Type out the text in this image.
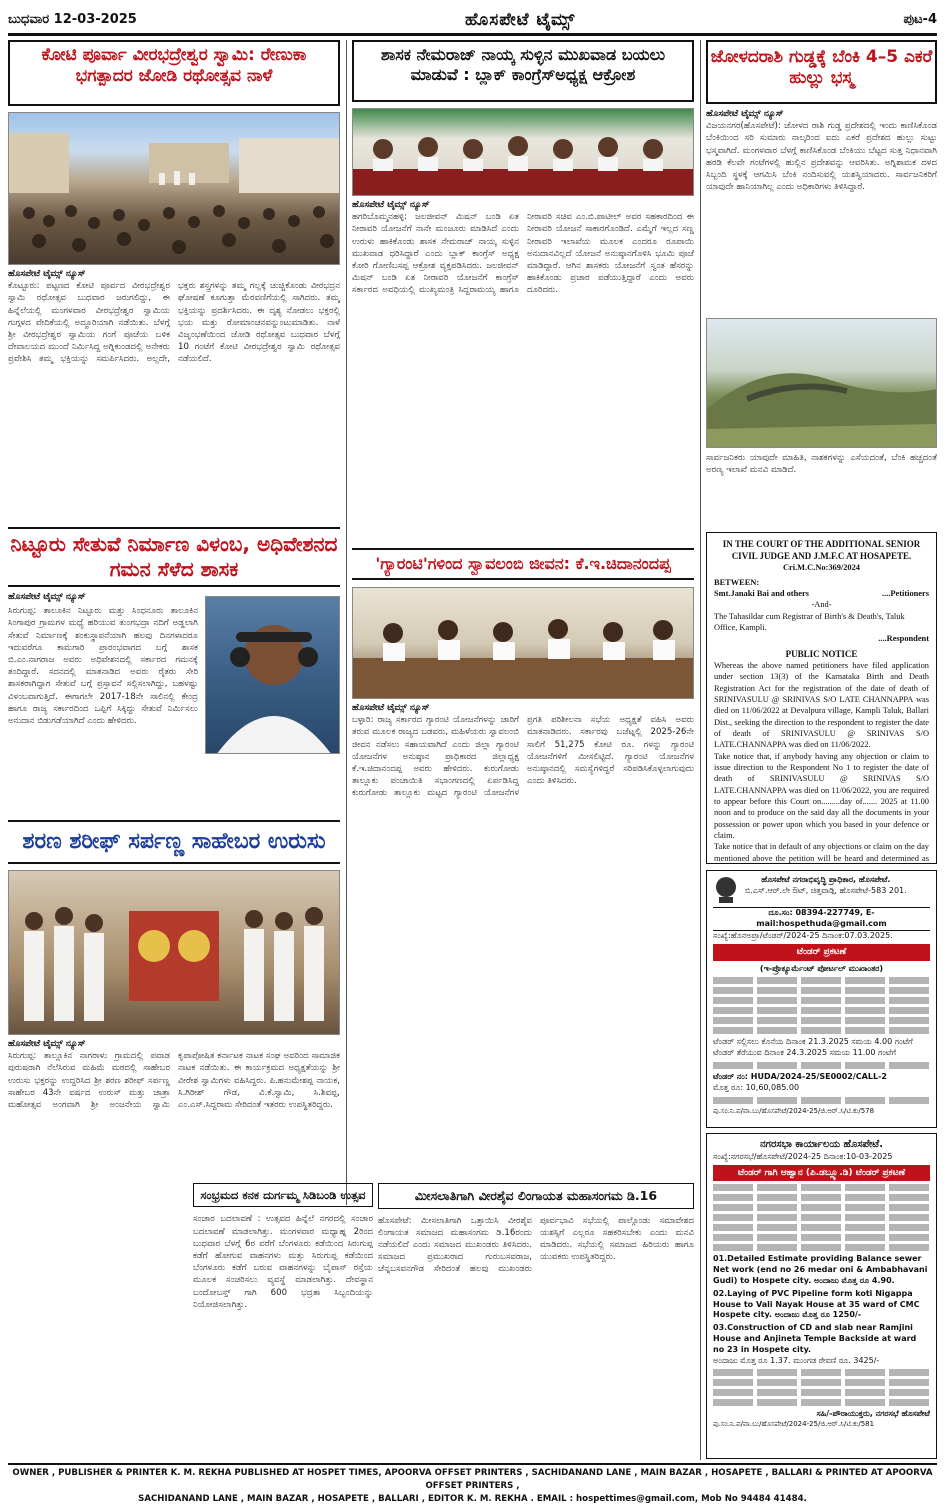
ಬುಧವಾರ 12-03-2025	ಹೊಸಪೇಟೆ ಟೈಮ್ಸ್	ಪುಟ-4
ಕೋಟಿ ಪೂರ್ವಾ ವೀರಭದ್ರೇಶ್ವರ ಸ್ವಾಮಿ: ರೇಣುಕಾ ಭಗತ್ಪಾದರ ಜೋಡಿ ರಥೋತ್ಸವ ನಾಳೆ
ಹೊಸಪೇಟೆ ಟೈಮ್ಸ್ ನ್ಯೂಸ್
ಕೊಟ್ಟೂರು: ಪಟ್ಟಣದ ಕೋಟಿ ಪೂರ್ವದ ವೀರಭದ್ರೇಶ್ವರ ಸ್ವಾಮಿ ರಥೋತ್ಸವ ಬುಧವಾರ ಜರುಗಲಿದ್ದು, ಈ ಹಿನ್ನೆಲೆಯಲ್ಲಿ ಮಂಗಳವಾರ ವೀರಭದ್ರೇಶ್ವರ ಸ್ವಾಮಿಯ ಗುಗ್ಗಳದ ವೇದಿಕೆಯಲ್ಲಿ ಅದ್ಧೂರಿಯಾಗಿ ನಡೆಯಿತು. ಬೆಳಗ್ಗೆ ಶ್ರೀ ವೀರಭದ್ರೇಶ್ವರ ಸ್ವಾಮಿಯ ಗಂಗೆ ಪೂಜೆಯ ಬಳಿಕ ದೇವಾಲಯದ ಮುಂದೆ ನಿರ್ಮಿಸಿದ್ದ ಅಗ್ನಿಕುಂಡದಲ್ಲಿ ಅನೇಕರು ಪ್ರವೇಶಿಸಿ ತಮ್ಮ ಭಕ್ತಿಯನ್ನು ಸಮರ್ಪಿಸಿದರು. ಅಲ್ಲದೇ, ಭಕ್ತರು ಶಸ್ತ್ರಗಳನ್ನು ತಮ್ಮ ಗಲ್ಲಕ್ಕೆ ಚುಚ್ಚಿಕೊಂಡು ವೀರಭದ್ರನ ಘೋಷಣೆ ಕೂಗುತ್ತಾ ಮೆರವಣಿಗೆಯಲ್ಲಿ ಸಾಗಿದರು. ತಮ್ಮ ಭಕ್ತಿಯನ್ನು ಪ್ರದರ್ಶಿಸಿದರು. ಈ ದೃಶ್ಯ ನೋಡಲು ಭಕ್ತರಲ್ಲಿ ಭಯ ಮತ್ತು ರೋಮಾಂಚನವನ್ನುಂಟುಮಾಡಿತು. ನಾಳೆ ವಿಜೃಂಭಣೆಯಿಂದ ಜೋಡಿ ರಥೋತ್ಸವ ಬುಧವಾರ ಬೆಳಗ್ಗೆ 10 ಗಂಟೆಗೆ ಕೋಟಿ ವೀರಭದ್ರೇಶ್ವರ ಸ್ವಾಮಿ ರಥೋತ್ಸವ ನಡೆಯಲಿದೆ.
ನಿಟ್ಟೂರು ಸೇತುವೆ ನಿರ್ಮಾಣ ವಿಳಂಬ, ಅಧಿವೇಶನದ ಗಮನ ಸೆಳೆದ ಶಾಸಕ
ಹೊಸಪೇಟೆ ಟೈಮ್ಸ್ ನ್ಯೂಸ್
ಸಿರುಗುಪ್ಪ: ತಾಲೂಕಿನ ನಿಟ್ಟೂರು ಮತ್ತು ಸಿಂಧನೂರು ತಾಲೂಕಿನ ಸಿಂಗಾಪುರ ಗ್ರಾಮಗಳ ಮಧ್ಯೆ ಹರಿಯುವ ತುಂಗಭದ್ರಾ ನದಿಗೆ ಅಡ್ಡಲಾಗಿ ಸೇತುವೆ ನಿರ್ಮಾಣಕ್ಕೆ ಶಂಕುಸ್ಥಾಪನೆಯಾಗಿ ಹಲವು ದಿನಗಳಾದರೂ ಇದುವರೆಗೂ ಕಾಮಗಾರಿ ಪ್ರಾರಂಭವಾಗದ ಬಗ್ಗೆ ಶಾಸಕ ಬಿ.ಎಂ.ನಾಗರಾಜ ಅವರು ಅಧಿವೇಶನದಲ್ಲಿ ಸರ್ಕಾರದ ಗಮನಕ್ಕೆ ತಂದಿದ್ದಾರೆ. ಸದನದಲ್ಲಿ ಮಾತನಾಡಿದ ಅವರು ರೈತರು ಸೇರಿ ಶಾಸಕರಾಗಿದ್ದಾಗ ಸೇತುವೆ ಬಗ್ಗೆ ಪ್ರಸ್ತಾವನೆ ಸಲ್ಲಿಸಲಾಗಿದ್ದು, ಬಹಳಷ್ಟು ವಿಳಂಬವಾಗುತ್ತಿದೆ. ಈಗಾಗಲೇ 2017-18ನೇ ಸಾಲಿನಲ್ಲಿ ಕೇಂದ್ರ ಹಾಗೂ ರಾಜ್ಯ ಸರ್ಕಾರದಿಂದ ಒಪ್ಪಿಗೆ ಸಿಕ್ಕಿದ್ದು ಸೇತುವೆ ನಿರ್ಮಿಸಲು ಅನುದಾನ ಬಿಡುಗಡೆಯಾಗಿದೆ ಎಂದು ಹೇಳಿದರು.
ಶರಣ ಶರೀಫ್ ಸರ್ಪಣ್ಣ ಸಾಹೇಬರ ಉರುಸು
ಹೊಸಪೇಟೆ ಟೈಮ್ಸ್ ನ್ಯೂಸ್
ಸಿರುಗುಪ್ಪ: ತಾಲ್ಲೂಕಿನ ನಾಗರಾಳು ಗ್ರಾಮದಲ್ಲಿ ಪವಾಡ ಪುರುಷರಾಗಿ ನೆಲೆಸಿರುವ ಮಹಿಮೆ ಮಠದಲ್ಲಿ ಸಾಹೇಬರ ಉರುಸು ಭಕ್ತರನ್ನು ಉದ್ದರಿಸಿದ ಶ್ರೀ ಶರಣ ಶರೀಫ್ ಸರ್ಪಣ್ಣ ಸಾಹೇಬರ 43ನೇ ವರ್ಷದ ಉರುಸ್ ಮತ್ತು ಜಾತ್ರಾ ಮಹೋತ್ಸವ ಅಂಗವಾಗಿ ಶ್ರೀ ಅಂಜನೇಯ ಸ್ವಾಮಿ ಕೃಪಾಪೋಷಿತ ಕರ್ನಾಟಕ ನಾಟಕ ಸಂಘ ಅವರಿಂದ ಸಾಮಾಜಿಕ ನಾಟಕ ನಡೆಯಿತು. ಈ ಕಾರ್ಯಕ್ರಮದ ಅಧ್ಯಕ್ಷತೆಯನ್ನು ಶ್ರೀ ವೀರೇಶ ಸ್ವಾಮಿಗಳು ವಹಿಸಿದ್ದರು. ಪಿ.ಹನುಮೇಶಪ್ಪ ನಾಯಕ, ಸಿ.ಗಿರೀಶ್ ಗೌಡ, ವಿ.ಕೆ.ಸ್ವಾಮಿ, ಸಿ.ಶಿವಪ್ಪ, ಎಂ.ಎಸ್.ಸಿದ್ದರಾಮ ಸೇರಿದಂತೆ ಇತರರು ಉಪಸ್ಥಿತರಿದ್ದರು.
ಶಾಸಕ ನೇಮರಾಜ್ ನಾಯ್ಕ ಸುಳ್ಳಿನ ಮುಖವಾಡ ಬಯಲು ಮಾಡುವೆ : ಬ್ಲಾಕ್ ಕಾಂಗ್ರೆಸ್ಅಧ್ಯಕ್ಷ ಆಕ್ರೋಶ
ಹೊಸಪೇಟೆ ಟೈಮ್ಸ್ ನ್ಯೂಸ್
ಹಗರಿಬೊಮ್ಮನಹಳ್ಳಿ: ಜಲಜೀವನ್ ಮಿಷನ್ ಬಂಡಿ ಏತ ನೀರಾವರಿ ಯೋಜನೆಗೆ ನಾನೇ ಮಂಜೂರು ಮಾಡಿಸಿದೆ ಎಂದು ಉರುಳು ಹಾಕಿಕೊಂಡು ಶಾಸಕ ನೇಮರಾಜ್ ನಾಯ್ಕ ಸುಳ್ಳಿನ ಮುಖವಾಡ ಧರಿಸಿದ್ದಾರೆ ಎಂದು ಬ್ಲಾಕ್ ಕಾಂಗ್ರೆಸ್ ಅಧ್ಯಕ್ಷ ಕೋರಿ ಗೋಣಿಬಸಪ್ಪ ಆಕ್ರೋಶ ವ್ಯಕ್ತಪಡಿಸಿದರು. ಜಲಜೀವನ್ ಮಿಷನ್ ಬಂಡಿ ಏತ ನೀರಾವರಿ ಯೋಜನೆಗೆ ಕಾಂಗ್ರೆಸ್ ಸರ್ಕಾರದ ಅವಧಿಯಲ್ಲಿ ಮುಖ್ಯಮಂತ್ರಿ ಸಿದ್ದರಾಮಯ್ಯ ಹಾಗೂ ನೀರಾವರಿ ಸಚಿವ ಎಂ.ಬಿ.ಪಾಟೀಲ್ ಅವರ ಸಹಕಾರದಿಂದ ಈ ನೀರಾವರಿ ಯೋಜನೆ ಸಾಕಾರಗೊಂಡಿದೆ. ಎಮ್ಮೆಗೆ ಇಲ್ಲದ ಸಣ್ಣ ನೀರಾವರಿ ಇಲಾಖೆಯ ಮೂಲಕ ಎಂದರೂ ರೂಪಾಯಿ ಅನುದಾನವಿಲ್ಲದೆ ಯೋಜನೆ ಅನುಷ್ಠಾನಗೊಳಿಸಿ ಭೂಮಿ ಪೂಜೆ ಮಾಡಿದ್ದಾರೆ. ಆಗಿನ ಶಾಸಕರು ಯೋಜನೆಗೆ ಸ್ವಂತ ಹೆಸರನ್ನು ಹಾಕಿಕೊಂಡು ಪ್ರಚಾರ ಪಡೆಯುತ್ತಿದ್ದಾರೆ ಎಂದು ಅವರು ದೂರಿದರು.
'ಗ್ಯಾರಂಟಿ'ಗಳಿಂದ ಸ್ವಾವಲಂಬಿ ಜೀವನ: ಕೆ.ಇ.ಚಿದಾನಂದಪ್ಪ
ಹೊಸಪೇಟೆ ಟೈಮ್ಸ್ ನ್ಯೂಸ್
ಬಳ್ಳಾರಿ: ರಾಜ್ಯ ಸರ್ಕಾರದ ಗ್ಯಾರಂಟಿ ಯೋಜನೆಗಳನ್ನು ಜಾರಿಗೆ ತರುವ ಮೂಲಕ ರಾಜ್ಯದ ಬಡವರು, ಮಹಿಳೆಯರು ಸ್ವಾವಲಂಬಿ ಜೀವನ ನಡೆಸಲು ಸಹಾಯವಾಗಿದೆ ಎಂದು ಜಿಲ್ಲಾ ಗ್ಯಾರಂಟಿ ಯೋಜನೆಗಳ ಅನುಷ್ಠಾನ ಪ್ರಾಧಿಕಾರದ ಜಿಲ್ಲಾಧ್ಯಕ್ಷ ಕೆ.ಇ.ಚಿದಾನಂದಪ್ಪ ಅವರು ಹೇಳಿದರು. ಕುರುಗೋಡು ತಾಲ್ಲೂಕು ಪಂಚಾಯಿತಿ ಸಭಾಂಗಣದಲ್ಲಿ ಏರ್ಪಡಿಸಿದ್ದ ಕುರುಗೋಡು ತಾಲ್ಲೂಕು ಮಟ್ಟದ ಗ್ಯಾರಂಟಿ ಯೋಜನೆಗಳ ಪ್ರಗತಿ ಪರಿಶೀಲನಾ ಸಭೆಯ ಅಧ್ಯಕ್ಷತೆ ವಹಿಸಿ ಅವರು ಮಾತನಾಡಿದರು. ಸರ್ಕಾರವು ಬಜೆಟ್ನಲ್ಲಿ 2025-26ನೇ ಸಾಲಿಗೆ 51,275 ಕೋಟಿ ರೂ. ಗಳನ್ನು ಗ್ಯಾರಂಟಿ ಯೋಜನೆಗಳಿಗೆ ಮೀಸಲಿಟ್ಟಿದೆ. ಗ್ಯಾರಂಟಿ ಯೋಜನೆಗಳ ಅನುಷ್ಠಾನದಲ್ಲಿ ಸಮಸ್ಯೆಗಳಿದ್ದರೆ ಸರಿಪಡಿಸಿಕೊಳ್ಳಲಾಗುವುದು ಎಂದು ತಿಳಿಸಿದರು.
ಸಂಭ್ರಮದ ಕನಕ ದುರ್ಗಮ್ಮ ಸಿಡಿಬಂಡಿ ಉತ್ಸವ
ಸಂಚಾರ ಬದಲಾವಣೆ : ಉತ್ಸವದ ಹಿನ್ನೆಲೆ ನಗರದಲ್ಲಿ ಸಂಚಾರ ಬದಲಾವಣೆ ಮಾಡಲಾಗಿತ್ತು. ಮಂಗಳವಾರ ಮಧ್ಯಾಹ್ನ 2ರಿಂದ ಬುಧವಾರ ಬೆಳಗ್ಗೆ 6ರ ವರೆಗೆ ಬೆಂಗಳೂರು ಕಡೆಯಿಂದ ಸಿರುಗುಪ್ಪ ಕಡೆಗೆ ಹೋಗುವ ವಾಹನಗಳು ಮತ್ತು ಸಿರುಗುಪ್ಪ ಕಡೆಯಿಂದ ಬೆಂಗಳೂರು ಕಡೆಗೆ ಬರುವ ವಾಹನಗಳನ್ನು ಬೈಪಾಸ್ ರಸ್ತೆಯ ಮೂಲಕ ಸಂಚರಿಸಲು ವ್ಯವಸ್ಥೆ ಮಾಡಲಾಗಿತ್ತು. ದೇವಸ್ಥಾನ ಬಂದೋಬಸ್ತ್ ಗಾಗಿ 600 ಭದ್ರತಾ ಸಿಬ್ಬಂದಿಯನ್ನು ನಿಯೋಜಿಸಲಾಗಿತ್ತು.
ಮೀಸಲಾತಿಗಾಗಿ ವೀರಶೈವ ಲಿಂಗಾಯತ ಮಹಾಸಂಗಮ ಡಿ.16
ಹೊಸಪೇಟೆ: ಮೀಸಲಾತಿಗಾಗಿ ಒತ್ತಾಯಿಸಿ ವೀರಶೈವ ಲಿಂಗಾಯತ ಸಮಾಜದ ಮಹಾಸಂಗಮ ಡಿ.16ರಂದು ನಡೆಯಲಿದೆ ಎಂದು ಸಮಾಜದ ಮುಖಂಡರು ತಿಳಿಸಿದರು. ಸಮಾಜದ ಪ್ರಮುಖರಾದ ಗುರುಬಸವರಾಜ, ಚೆನ್ನಬಸವನಗೌಡ ಸೇರಿದಂತೆ ಹಲವು ಮುಖಂಡರು ಪೂರ್ವಭಾವಿ ಸಭೆಯಲ್ಲಿ ಪಾಲ್ಗೊಂಡು ಸಮಾವೇಶದ ಯಶಸ್ಸಿಗೆ ಎಲ್ಲರೂ ಸಹಕರಿಸಬೇಕು ಎಂದು ಮನವಿ ಮಾಡಿದರು. ಸಭೆಯಲ್ಲಿ ಸಮಾಜದ ಹಿರಿಯರು ಹಾಗೂ ಯುವಕರು ಉಪಸ್ಥಿತರಿದ್ದರು.
ಜೋಳದರಾಶಿ ಗುಡ್ಡಕ್ಕೆ ಬೆಂಕಿ 4–5 ಎಕರೆ ಹುಲ್ಲು ಭಸ್ಮ
ಹೊಸಪೇಟೆ ಟೈಮ್ಸ್ ನ್ಯೂಸ್
ವಿಜಯನಗರ(ಹೊಸಪೇಟೆ): ಜೋಳದ ರಾಶಿ ಗುಡ್ಡ ಪ್ರದೇಶದಲ್ಲಿ ಇಂದು ಕಾಣಿಸಿಕೊಂಡ ಬೆಂಕಿಯಿಂದ ಸರಿ ಸುಮಾರು ನಾಲ್ಕರಿಂದ ಐದು ಎಕರೆ ಪ್ರದೇಶದ ಹುಲ್ಲು ಸುಟ್ಟು ಭಸ್ಮವಾಗಿದೆ. ಮಂಗಳವಾರ ಬೆಳಗ್ಗೆ ಕಾಣಿಸಿಕೊಂಡ ಬೆಂಕಿಯು ಬೆಟ್ಟದ ಸುತ್ತ ನಿಧಾನವಾಗಿ ಹರಡಿ ಕೆಲವೇ ಗಂಟೆಗಳಲ್ಲಿ ಹುಲ್ಲಿನ ಪ್ರದೇಶವನ್ನು ಆವರಿಸಿತು. ಅಗ್ನಿಶಾಮಕ ದಳದ ಸಿಬ್ಬಂದಿ ಸ್ಥಳಕ್ಕೆ ಆಗಮಿಸಿ ಬೆಂಕಿ ನಂದಿಸುವಲ್ಲಿ ಯಶಸ್ವಿಯಾದರು. ಸಾರ್ವಜನಿಕರಿಗೆ ಯಾವುದೇ ಹಾನಿಯಾಗಿಲ್ಲ ಎಂದು ಅಧಿಕಾರಿಗಳು ತಿಳಿಸಿದ್ದಾರೆ.
ಸಾರ್ವಜನಿಕರು ಯಾವುದೇ ಮಾಹಿತಿ, ನಾಶಕಗಳನ್ನು ಎಸೆಯದಂತೆ, ಬೆಂಕಿ ಹಚ್ಚದಂತೆ ಅರಣ್ಯ ಇಲಾಖೆ ಮನವಿ ಮಾಡಿದೆ.
IN THE COURT OF THE ADDITIONAL SENIOR CIVIL JUDGE AND J.M.F.C AT HOSAPETE.
Cri.M.C.No:369/2024
BETWEEN:
Smt.Janaki Bai and others	....Petitioners
-And-
The Tahasildar cum Registrar of Birth's & Death's, Taluk Office, Kampli.
....Respondent
PUBLIC NOTICE
Whereas the above named petitioners have filed application under section 13(3) of the Karnataka Birth and Death Registration Act for the registration of the date of death of SRINIVASULU @ SRINIVAS S/O LATE CHANNAPPA was died on 11/06/2022 at Devalpura village, Kampli Taluk, Ballari Dist., seeking the direction to the respondent to register the date of death of SRINIVASULU @ SRINIVAS S/O LATE.CHANNAPPA was died on 11/06/2022.
Take notice that, if anybody having any objection or claim to issue direction to the Respondent No 1 to register the date of death of SRINIVASULU @ SRINIVAS S/O LATE.CHANNAPPA was died on 11/06/2022, you are required to appear before this Court on.........day of....... 2025 at 11.00 noon and to produce on the said day all the documents in your possession or power upon which you based in your defence or claim.
Take notice that in default of any objections or claim on the day mentioned above the petition will be heard and determined as
ಹೊಸಪೇಟೆ ನಗರಾಭಿವೃದ್ಧಿ ಪ್ರಾಧಿಕಾರ, ಹೊಸಪೇಟೆ.
ಬಿ.ಎಸ್.ಆರ್.ಲೇ ಔಟ್, ಚಿತ್ತವಾಡ್ಗಿ, ಹೊಸಪೇಟೆ-583 201.
ದೂ.ಸಂ: 08394-227749, E-mail:hospethuda@gmail.com
ಸಂಖ್ಯೆ:ಹೊನಅಪ್ರಾ/ಟೆಂಡರ್/2024-25 ದಿನಾಂಕ:07.03.2025.
ಟೆಂಡರ್ ಪ್ರಕಟಣೆ
(ಇ-ಪ್ರೊಕ್ಯೂರ್ಮೆಂಟ್ ಪೋರ್ಟಲ್ ಮುಖಾಂತರ)
ಟೆಂಡರ್ ಸಲ್ಲಿಸಲು ಕೊನೆಯ ದಿನಾಂಕ 21.3.2025 ಸಮಯ 4.00 ಗಂಟೆಗೆ
ಟೆಂಡರ್ ತೆರೆಯುವ ದಿನಾಂಕ 24.3.2025 ಸಮಯ 11.00 ಗಂಟೆಗೆ
ಟೆಂಡರ್ ನಂ: HUDA/2024-25/SE0002/CALL-2
ಮೊತ್ತ ರೂ: 10,60,085.00
ಪು.ಸಂ.ನಿ.ಪ/ವಾ.ಬು/ಹೊಸಪೇಟೆ/2024-25/ಜಿ.ಆರ್.ಸಿ/ಟಿ.ಕು/578
ನಗರಸಭಾ ಕಾರ್ಯಾಲಯ ಹೊಸಪೇಟೆ.
ಸಂಖ್ಯೆ:ನಗರಸಭೆ/ಹೊಸಪೇಟೆ/2024-25 ದಿನಾಂಕ:10-03-2025
ಟೆಂಡರ್ ಗಾಗಿ ಆಹ್ವಾನ (ಪಿ.ಡಬ್ಲ್ಯೂ.ಡಿ) ಟೆಂಡರ್ ಪ್ರಕಟಣೆ
01.Detailed Estimate providing Balance sewer Net work (end no 26 medar oni & Ambabhavani Gudi) to Hospete city. ಅಂದಾಜು ಮೊತ್ತ ರೂ 4.90.
02.Laying of PVC Pipeline form koti Nigappa House to Vali Nayak House at 35 ward of CMC Hospete city. ಅಂದಾಜು ಮೊತ್ತ ರೂ 1250/-
03.Construction of CD and slab near Ramjini House and Anjineta Temple Backside at ward no 23 in Hospete city.
ಅಂದಾಜು ಮೊತ್ತ ರೂ 1.37. ಮುಂಗಡ ಠೇವಣಿ ರೂ. 3425/-
ಸಹಿ/-ಪೌರಾಯುಕ್ತರು, ನಗರಸಭೆ ಹೊಸಪೇಟೆ
ಪು.ಸಂ.ನಿ.ಪ/ವಾ.ಬು/ಹೊಸಪೇಟೆ/2024-25/ಜಿ.ಆರ್.ಸಿ/ಟಿ.ಕು/581
OWNER , PUBLISHER & PRINTER K. M. REKHA PUBLISHED AT HOSPET TIMES, APOORVA OFFSET PRINTERS , SACHIDANAND LANE , MAIN BAZAR , HOSAPETE , BALLARI & PRINTED AT APOORVA OFFSET PRINTERS ,
SACHIDANAND LANE , MAIN BAZAR , HOSAPETE , BALLARI , EDITOR K. M. REKHA . EMAIL : hospettimes@gmail.com, Mob No 94484 41484.
